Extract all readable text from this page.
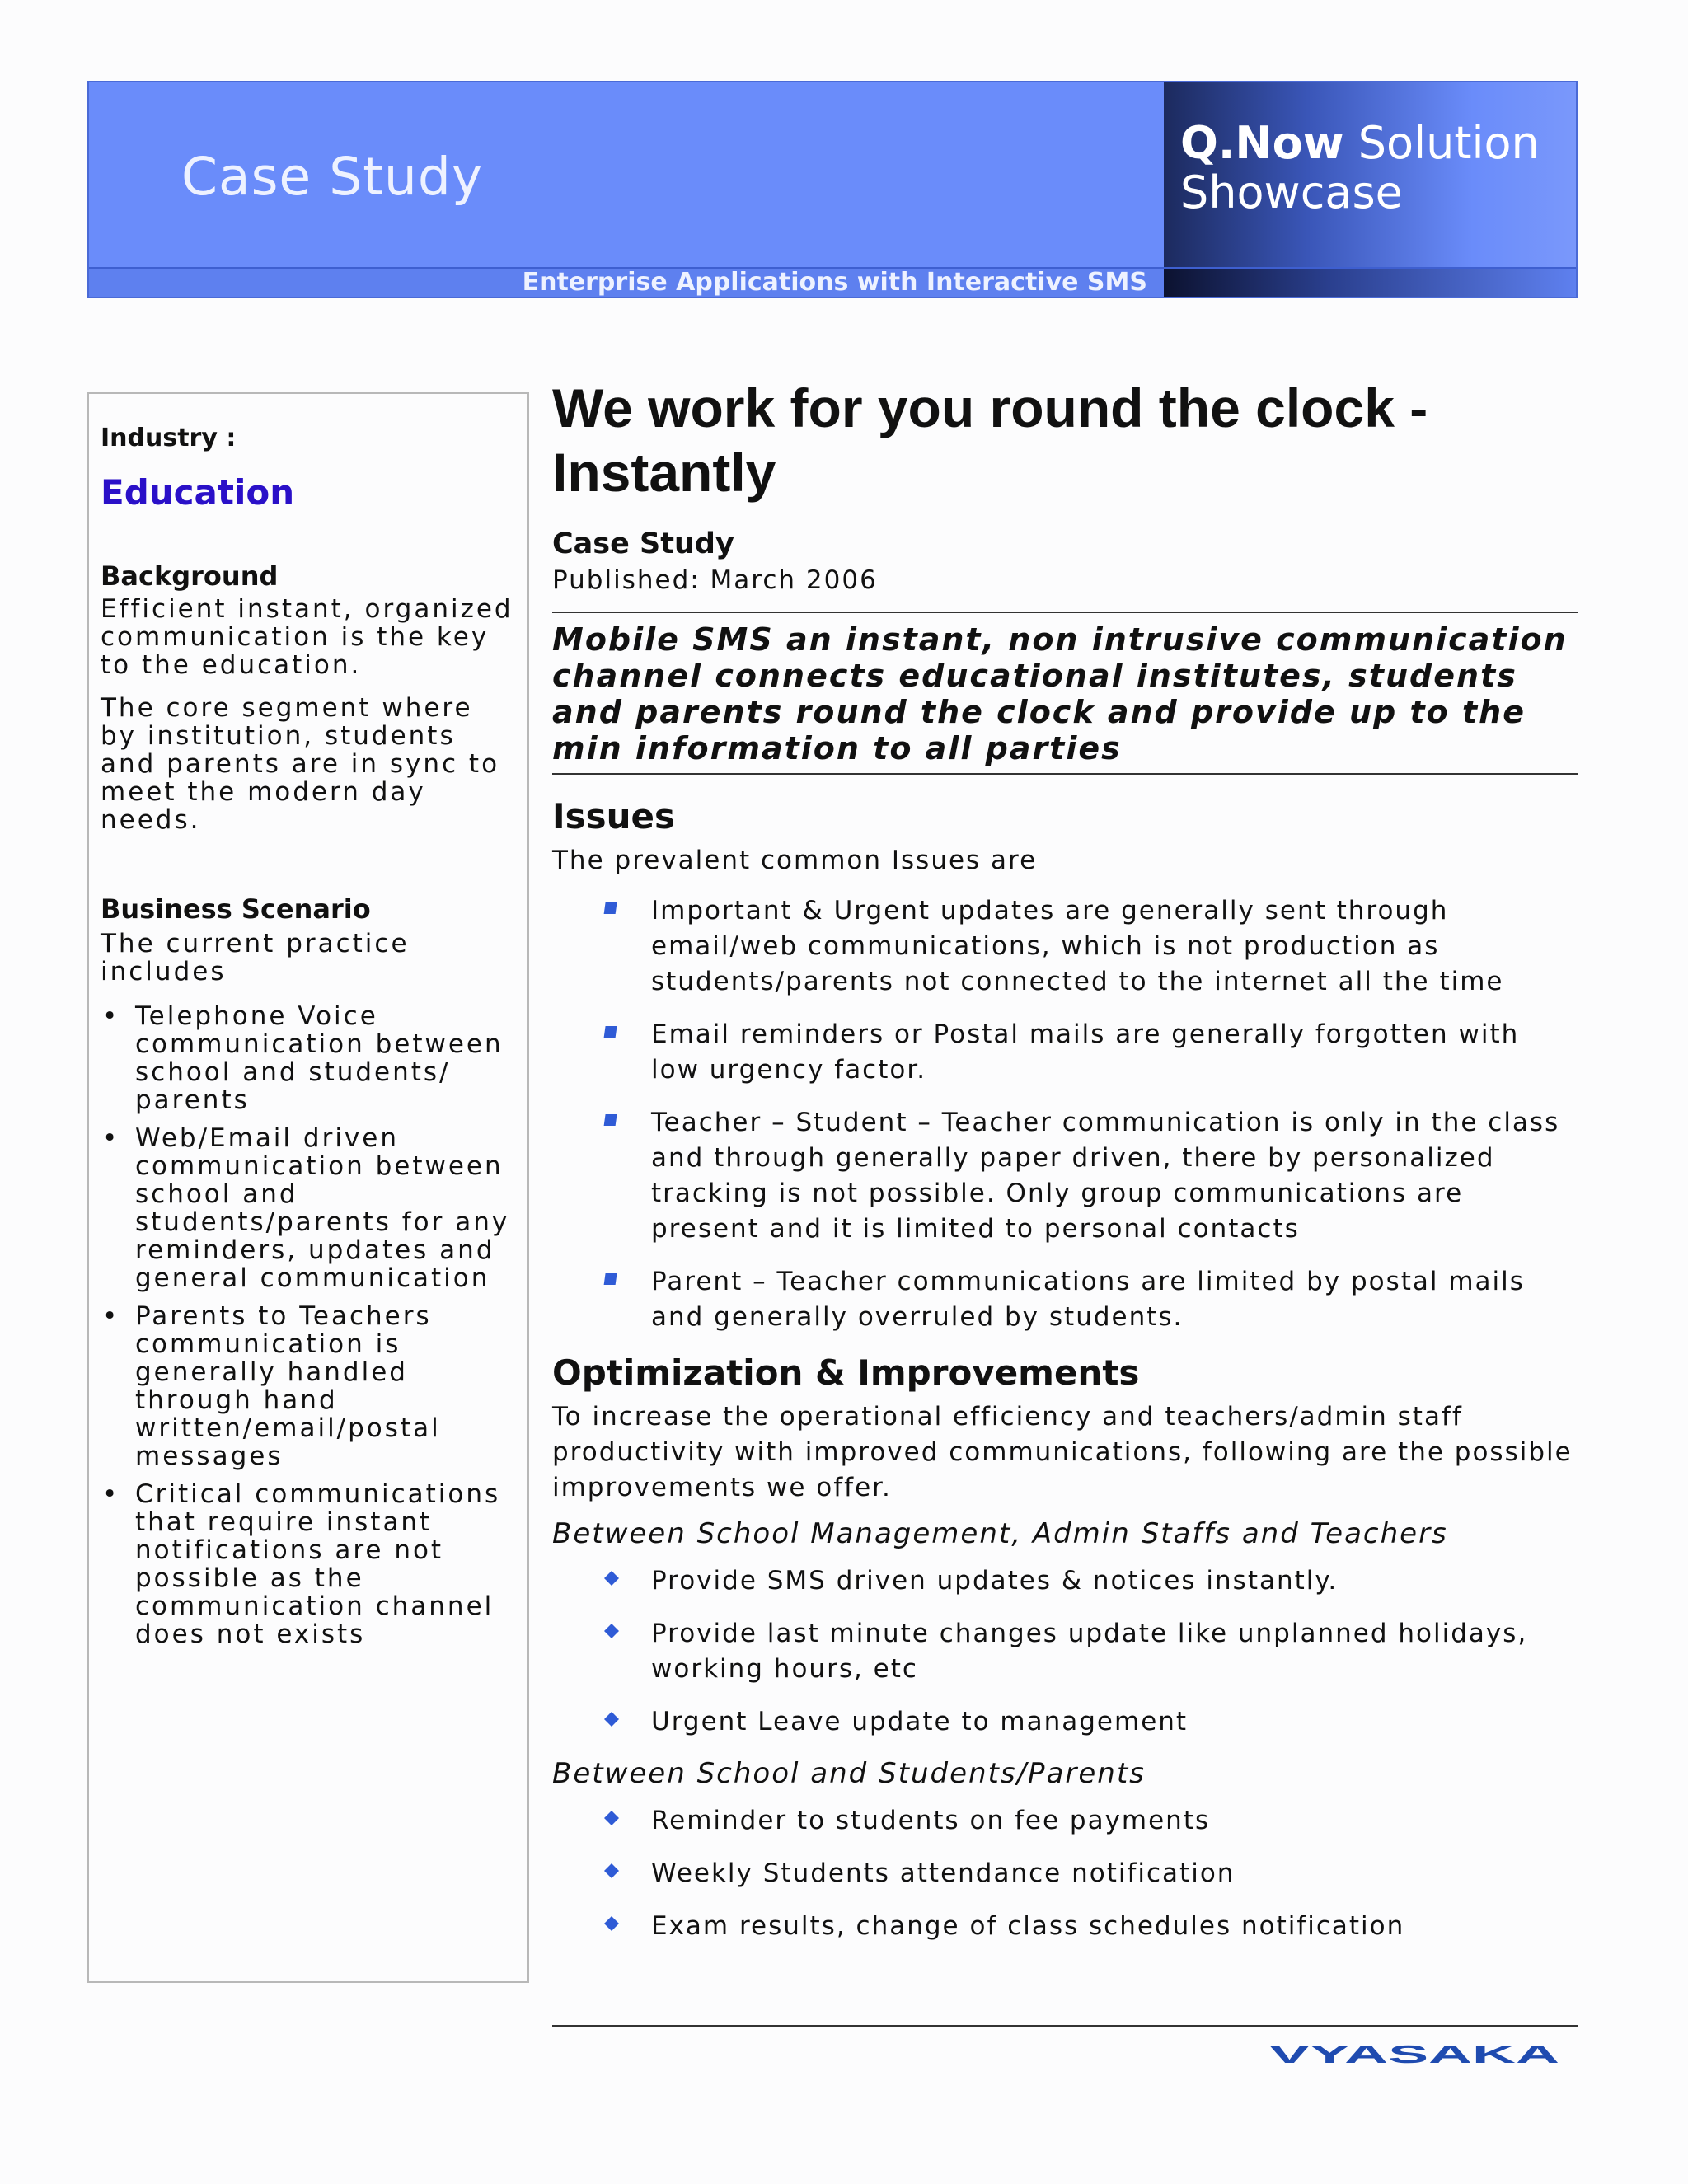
Case Study
Q.Now Solution
Showcase
Enterprise Applications with Interactive SMS

Industry :

Education

Background

Efficient instant, organized communication is the key to the education.

The core segment where by institution, students and parents are in sync to meet the modern day needs.

Business Scenario

The current practice includes

• Telephone Voice communication between school and students/ parents
• Web/Email driven communication between school and students/parents for any reminders, updates and general communication
• Parents to Teachers communication is generally handled through hand written/email/postal messages
• Critical communications that require instant notifications are not possible as the communication channel does not exists
We work for you round the clock - Instantly

Case Study

Published: March 2006

Mobile SMS an instant, non intrusive communication channel connects educational institutes, students and parents round the clock and provide up to the min information to all parties

Issues

The prevalent common Issues are

Important & Urgent updates are generally sent through email/web communications, which is not production as students/parents not connected to the internet all the time
Email reminders or Postal mails are generally forgotten with low urgency factor.
Teacher – Student – Teacher communication is only in the class and through generally paper driven, there by personalized tracking is not possible. Only group communications are present and it is limited to personal contacts
Parent – Teacher communications are limited by postal mails and generally overruled by students.

Optimization & Improvements

To increase the operational efficiency and teachers/admin staff productivity with improved communications, following are the possible improvements we offer.

Between School Management, Admin Staffs and Teachers

Provide SMS driven updates & notices instantly.
Provide last minute changes update like unplanned holidays, working hours, etc
Urgent Leave update to management

Between School and Students/Parents

Reminder to students on fee payments
Weekly Students attendance notification
Exam results, change of class schedules notification
VYASAKA
